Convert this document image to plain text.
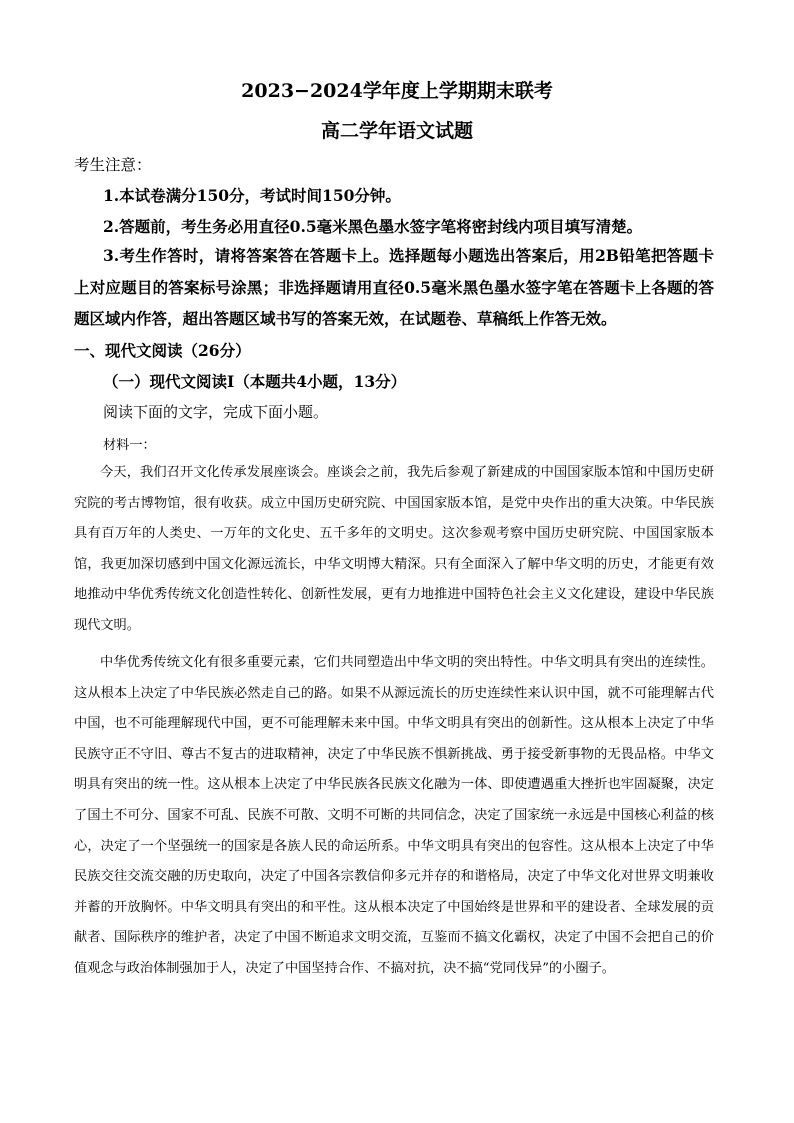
2023−2024学年度上学期期末联考
高二学年语文试题
考生注意：
1.本试卷满分150分，考试时间150分钟。
2.答题前，考生务必用直径0.5毫米黑色墨水签字笔将密封线内项目填写清楚。
3.考生作答时，请将答案答在答题卡上。选择题每小题选出答案后，用2B铅笔把答题卡上对应题目的答案标号涂黑；非选择题请用直径0.5毫米黑色墨水签字笔在答题卡上各题的答题区域内作答，超出答题区域书写的答案无效，在试题卷、草稿纸上作答无效。
一、现代文阅读（26分）
（一）现代文阅读Ⅰ（本题共4小题，13分）
阅读下面的文字，完成下面小题。
材料一：
今天，我们召开文化传承发展座谈会。座谈会之前，我先后参观了新建成的中国国家版本馆和中国历史研究院的考古博物馆，很有收获。成立中国历史研究院、中国国家版本馆，是党中央作出的重大决策。中华民族具有百万年的人类史、一万年的文化史、五千多年的文明史。这次参观考察中国历史研究院、中国国家版本馆，我更加深切感到中国文化源远流长，中华文明博大精深。只有全面深入了解中华文明的历史，才能更有效地推动中华优秀传统文化创造性转化、创新性发展，更有力地推进中国特色社会主义文化建设，建设中华民族现代文明。
中华优秀传统文化有很多重要元素，它们共同塑造出中华文明的突出特性。中华文明具有突出的连续性。这从根本上决定了中华民族必然走自己的路。如果不从源远流长的历史连续性来认识中国，就不可能理解古代中国，也不可能理解现代中国，更不可能理解未来中国。中华文明具有突出的创新性。这从根本上决定了中华民族守正不守旧、尊古不复古的进取精神，决定了中华民族不惧新挑战、勇于接受新事物的无畏品格。中华文明具有突出的统一性。这从根本上决定了中华民族各民族文化融为一体、即使遭遇重大挫折也牢固凝聚，决定了国土不可分、国家不可乱、民族不可散、文明不可断的共同信念，决定了国家统一永远是中国核心利益的核心，决定了一个坚强统一的国家是各族人民的命运所系。中华文明具有突出的包容性。这从根本上决定了中华民族交往交流交融的历史取向，决定了中国各宗教信仰多元并存的和谐格局，决定了中华文化对世界文明兼收并蓄的开放胸怀。中华文明具有突出的和平性。这从根本决定了中国始终是世界和平的建设者、全球发展的贡献者、国际秩序的维护者，决定了中国不断追求文明交流，互鉴而不搞文化霸权，决定了中国不会把自己的价值观念与政治体制强加于人，决定了中国坚持合作、不搞对抗，决不搞“党同伐异”的小圈子。
